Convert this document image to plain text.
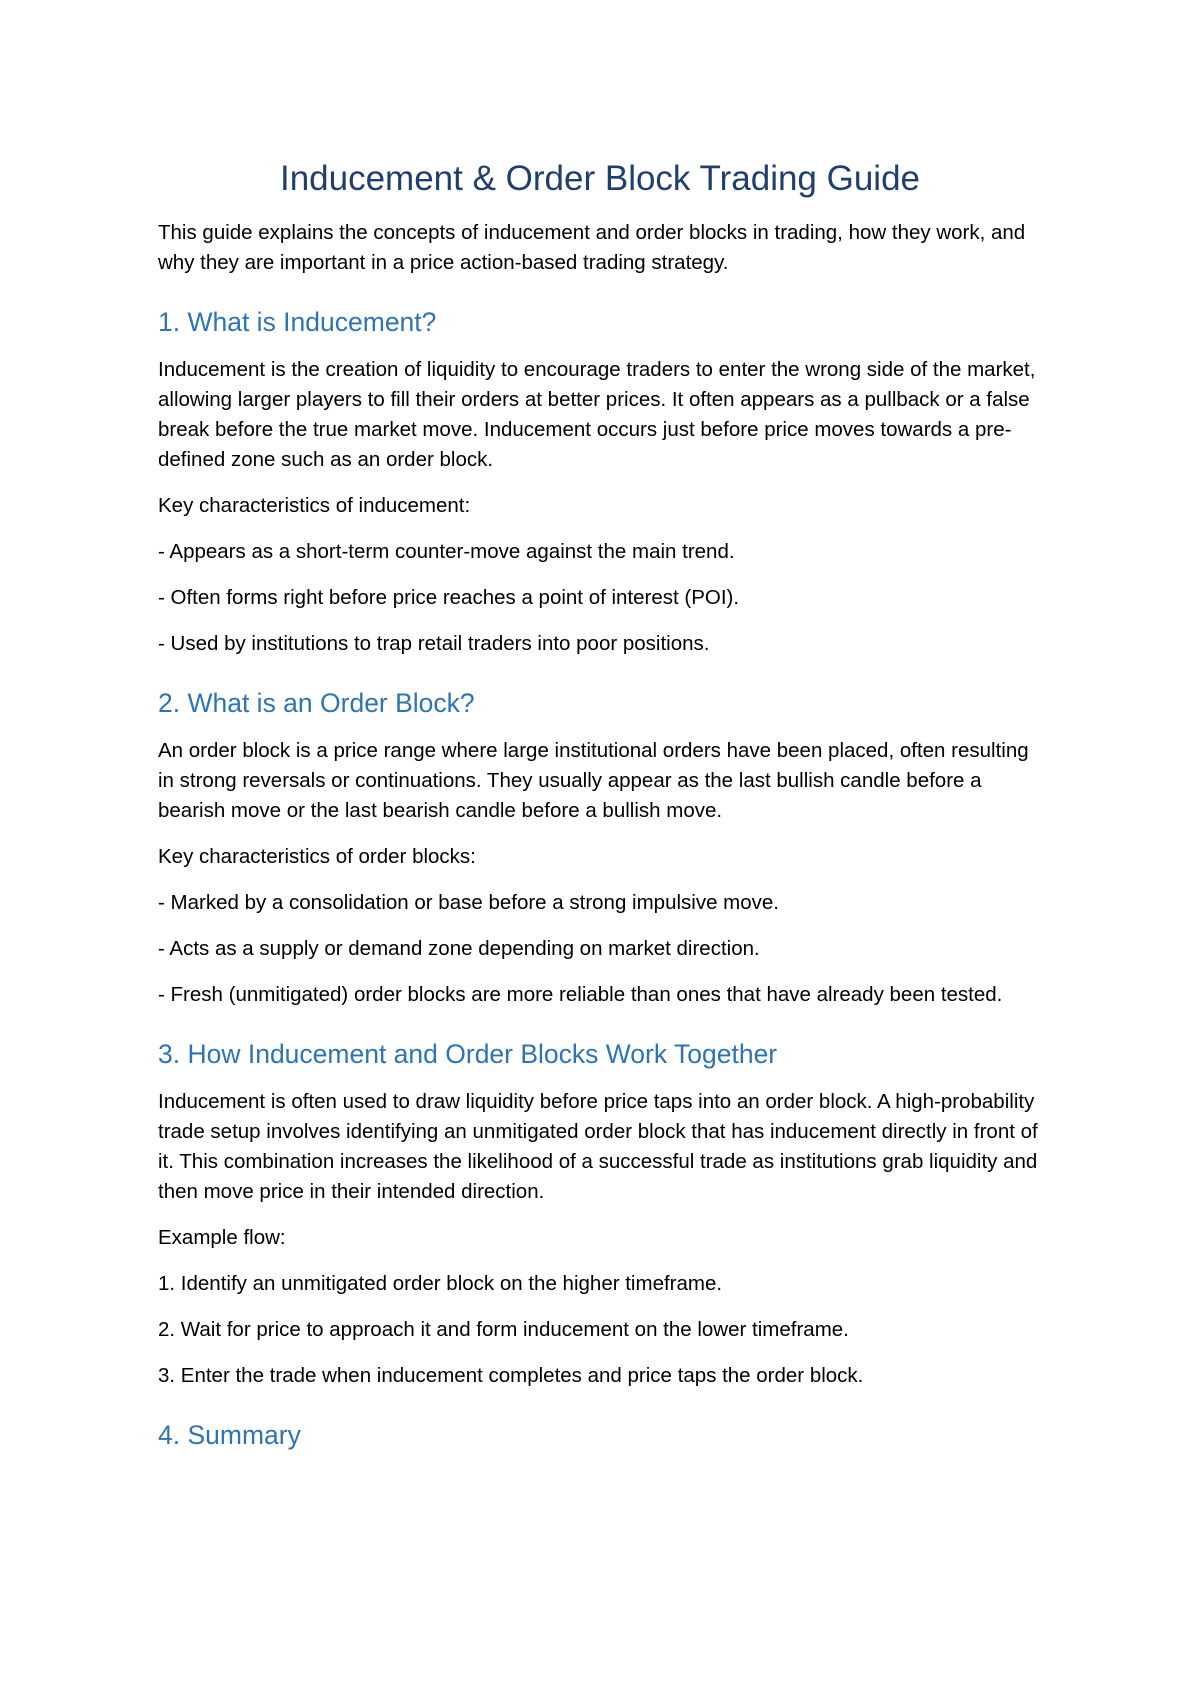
Inducement & Order Block Trading Guide

This guide explains the concepts of inducement and order blocks in trading, how they work, and why they are important in a price action-based trading strategy.

1. What is Inducement?

Inducement is the creation of liquidity to encourage traders to enter the wrong side of the market, allowing larger players to fill their orders at better prices. It often appears as a pullback or a false break before the true market move. Inducement occurs just before price moves towards a pre-defined zone such as an order block.

Key characteristics of inducement:

- Appears as a short-term counter-move against the main trend.

- Often forms right before price reaches a point of interest (POI).

- Used by institutions to trap retail traders into poor positions.

2. What is an Order Block?

An order block is a price range where large institutional orders have been placed, often resulting in strong reversals or continuations. They usually appear as the last bullish candle before a bearish move or the last bearish candle before a bullish move.

Key characteristics of order blocks:

- Marked by a consolidation or base before a strong impulsive move.

- Acts as a supply or demand zone depending on market direction.

- Fresh (unmitigated) order blocks are more reliable than ones that have already been tested.

3. How Inducement and Order Blocks Work Together

Inducement is often used to draw liquidity before price taps into an order block. A high-probability trade setup involves identifying an unmitigated order block that has inducement directly in front of it. This combination increases the likelihood of a successful trade as institutions grab liquidity and then move price in their intended direction.

Example flow:

1. Identify an unmitigated order block on the higher timeframe.

2. Wait for price to approach it and form inducement on the lower timeframe.

3. Enter the trade when inducement completes and price taps the order block.

4. Summary
